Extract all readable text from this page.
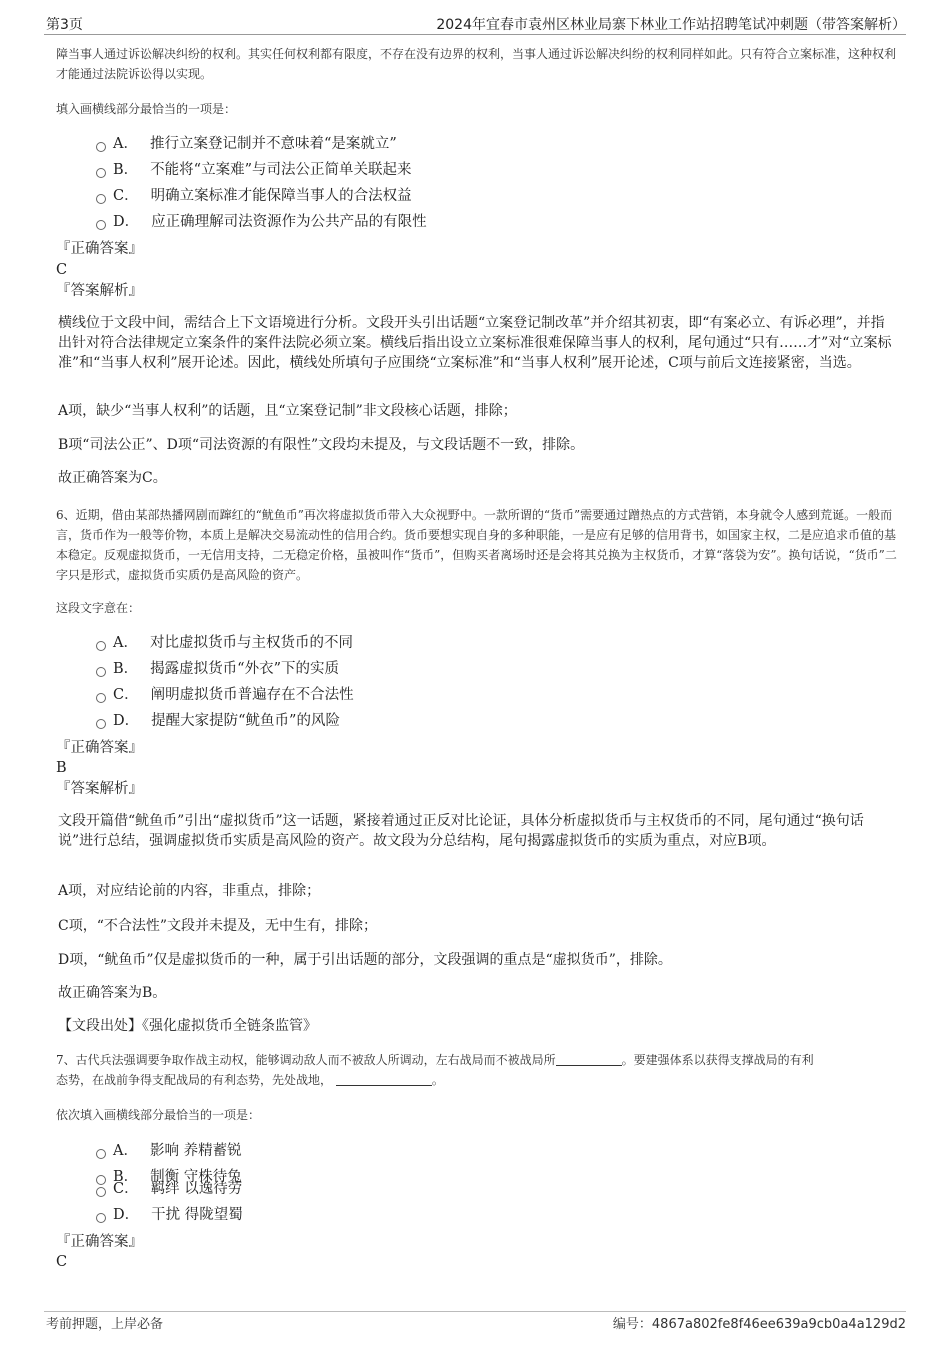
第3页	2024年宜春市袁州区林业局寨下林业工作站招聘笔试冲刺题（带答案解析）
障当事人通过诉讼解决纠纷的权利。其实任何权利都有限度，不存在没有边界的权利，当事人通过诉讼解决纠纷的权利同样如此。只有符合立案标准，这种权利才能通过法院诉讼得以实现。
填入画横线部分最恰当的一项是：
A． 推行立案登记制并不意味着“是案就立”
B． 不能将“立案难”与司法公正简单关联起来
C． 明确立案标准才能保障当事人的合法权益
D． 应正确理解司法资源作为公共产品的有限性
『正确答案』
C
『答案解析』
横线位于文段中间，需结合上下文语境进行分析。文段开头引出话题“立案登记制改革”并介绍其初衷，即“有案必立、有诉必理”，并指出针对符合法律规定立案条件的案件法院必须立案。横线后指出设立立案标准很难保障当事人的权利，尾句通过“只有……才”对“立案标准”和“当事人权利”展开论述。因此，横线处所填句子应围绕“立案标准”和“当事人权利”展开论述，C项与前后文连接紧密，当选。
A项，缺少“当事人权利”的话题，且“立案登记制”非文段核心话题，排除；
B项“司法公正”、D项“司法资源的有限性”文段均未提及，与文段话题不一致，排除。
故正确答案为C。
6、近期，借由某部热播网剧而蹿红的“鱿鱼币”再次将虚拟货币带入大众视野中。一款所谓的“货币”需要通过蹭热点的方式营销，本身就令人感到荒诞。一般而言，货币作为一般等价物，本质上是解决交易流动性的信用合约。货币要想实现自身的多种职能，一是应有足够的信用背书，如国家主权，二是应追求币值的基本稳定。反观虚拟货币，一无信用支持，二无稳定价格，虽被叫作“货币”，但购买者离场时还是会将其兑换为主权货币，才算“落袋为安”。换句话说，“货币”二字只是形式，虚拟货币实质仍是高风险的资产。
这段文字意在：
A． 对比虚拟货币与主权货币的不同
B． 揭露虚拟货币“外衣”下的实质
C． 阐明虚拟货币普遍存在不合法性
D． 提醒大家提防“鱿鱼币”的风险
『正确答案』
B
『答案解析』
文段开篇借“鱿鱼币”引出“虚拟货币”这一话题，紧接着通过正反对比论证，具体分析虚拟货币与主权货币的不同，尾句通过“换句话说”进行总结，强调虚拟货币实质是高风险的资产。故文段为分总结构，尾句揭露虚拟货币的实质为重点，对应B项。
A项，对应结论前的内容，非重点，排除；
C项，“不合法性”文段并未提及，无中生有，排除；
D项，“鱿鱼币”仅是虚拟货币的一种，属于引出话题的部分，文段强调的重点是“虚拟货币”，排除。
故正确答案为B。
【文段出处】《强化虚拟货币全链条监管》
7、古代兵法强调要争取作战主动权，能够调动敌人而不被敌人所调动，左右战局而不被战局所	。要建强体系以获得支撑战局的有利
态势，在战前争得支配战局的有利态势，先处战地，	。
依次填入画横线部分最恰当的一项是：
A． 影响 养精蓄锐
B． 制衡 守株待兔
C． 羁绊 以逸待劳
D． 干扰 得陇望蜀
『正确答案』
C
考前押题，上岸必备	编号：4867a802fe8f46ee639a9cb0a4a129d2
